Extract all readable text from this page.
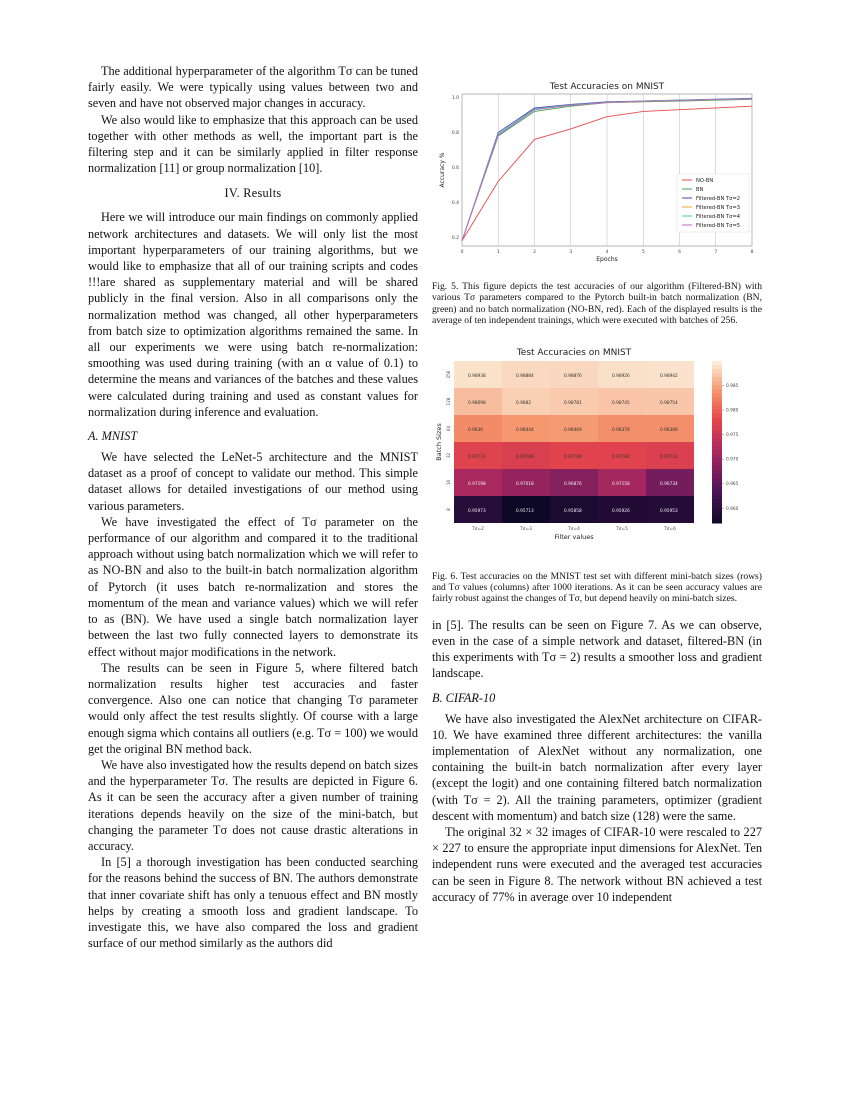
The additional hyperparameter of the algorithm Tσ can be tuned fairly easily. We were typically using values between two and seven and have not observed major changes in accuracy.

We also would like to emphasize that this approach can be used together with other methods as well, the important part is the filtering step and it can be similarly applied in filter response normalization [11] or group normalization [10].

IV. Results

Here we will introduce our main findings on commonly applied network architectures and datasets. We will only list the most important hyperparameters of our training algorithms, but we would like to emphasize that all of our training scripts and codes !!!are shared as supplementary material and will be shared publicly in the final version. Also in all comparisons only the normalization method was changed, all other hyperparameters from batch size to optimization algorithms remained the same. In all our experiments we were using batch re-normalization: smoothing was used during training (with an α value of 0.1) to determine the means and variances of the batches and these values were calculated during training and used as constant values for normalization during inference and evaluation.

A. MNIST

We have selected the LeNet-5 architecture and the MNIST dataset as a proof of concept to validate our method. This simple dataset allows for detailed investigations of our method using various parameters.

We have investigated the effect of Tσ parameter on the performance of our algorithm and compared it to the traditional approach without using batch normalization which we will refer to as NO-BN and also to the built-in batch normalization algorithm of Pytorch (it uses batch re-normalization and stores the momentum of the mean and variance values) which we will refer to as (BN). We have used a single batch normalization layer between the last two fully connected layers to demonstrate its effect without major modifications in the network.

The results can be seen in Figure 5, where filtered batch normalization results higher test accuracies and faster convergence. Also one can notice that changing Tσ parameter would only affect the test results slightly. Of course with a large enough sigma which contains all outliers (e.g. Tσ = 100) we would get the original BN method back.

We have also investigated how the results depend on batch sizes and the hyperparameter Tσ. The results are depicted in Figure 6. As it can be seen the accuracy after a given number of training iterations depends heavily on the size of the mini-batch, but changing the parameter Tσ does not cause drastic alterations in accuracy.

In [5] a thorough investigation has been conducted searching for the reasons behind the success of BN. The authors demonstrate that inner covariate shift has only a tenuous effect and BN mostly helps by creating a smooth loss and gradient landscape. To investigate this, we have also compared the loss and gradient surface of our method similarly as the authors did

Test Accuracies on MNIST
0	1	2	3	4	5	6	7	8
0.2
0.4
0.6
0.8
1.0
Epochs
Accuracy %	NO-BN
BN
Filtered-BN Tσ=2
Filtered-BN Tσ=3
Filtered-BN Tσ=4
Filtered-BN Tσ=5

Fig. 5. This figure depicts the test accuracies of our algorithm (Filtered-BN) with various Tσ parameters compared to the Pytorch built-in batch normalization (BN, green) and no batch normalization (NO-BN, red). Each of the displayed results is the average of ten independent trainings, which were executed with batches of 256.

Test Accuracies on MNIST
0.98938	0.98884	0.98876	0.98926	0.98942
256
0.98698	0.9882	0.98781	0.98745	0.98754
128
0.9836	0.98444	0.98469	0.98378	0.98389
64
0.97772	0.97706	0.97789	0.97782	0.97712
32
0.97198	0.97018	0.96876	0.97158	0.96734
16
0.95973	0.95713	0.95858	0.95926	0.95953
8
Tσ=2	Tσ=3	Tσ=4	Tσ=5	Tσ=6
Filter values
Batch Sizes
0.985
0.980
0.975
0.970
0.965
0.960

Fig. 6. Test accuracies on the MNIST test set with different mini-batch sizes (rows) and Tσ values (columns) after 1000 iterations. As it can be seen accuracy values are fairly robust against the changes of Tσ, but depend heavily on mini-batch sizes.

in [5]. The results can be seen on Figure 7. As we can observe, even in the case of a simple network and dataset, filtered-BN (in this experiments with Tσ = 2) results a smoother loss and gradient landscape.

B. CIFAR-10

We have also investigated the AlexNet architecture on CIFAR-10. We have examined three different architectures: the vanilla implementation of AlexNet without any normalization, one containing the built-in batch normalization after every layer (except the logit) and one containing filtered batch normalization (with Tσ = 2). All the training parameters, optimizer (gradient descent with momentum) and batch size (128) were the same.

The original 32 × 32 images of CIFAR-10 were rescaled to 227 × 227 to ensure the appropriate input dimensions for AlexNet. Ten independent runs were executed and the averaged test accuracies can be seen in Figure 8. The network without BN achieved a test accuracy of 77% in average over 10 independent
